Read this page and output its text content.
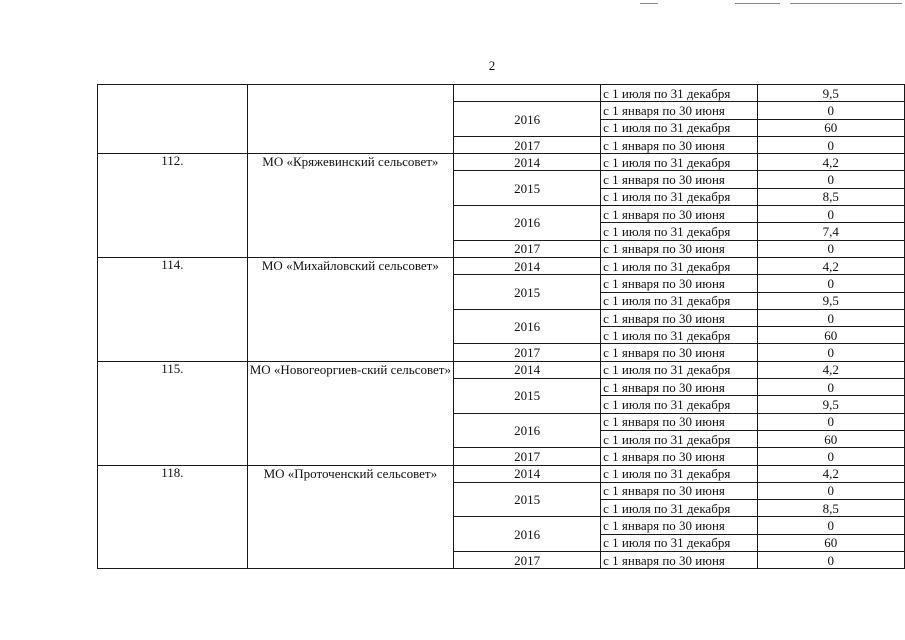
2
			с 1 июля по 31 декабря	9,5
		2016	с 1 января по 30 июня	0
			с 1 июля по 31 декабря	60
		2017	с 1 января по 30 июня	0
112.	МО «Кряжевинский сельсовет»	2014	с 1 июля по 31 декабря	4,2
		2015	с 1 января по 30 июня	0
			с 1 июля по 31 декабря	8,5
		2016	с 1 января по 30 июня	0
			с 1 июля по 31 декабря	7,4
		2017	с 1 января по 30 июня	0
114.	МО «Михайловский сельсовет»	2014	с 1 июля по 31 декабря	4,2
		2015	с 1 января по 30 июня	0
			с 1 июля по 31 декабря	9,5
		2016	с 1 января по 30 июня	0
			с 1 июля по 31 декабря	60
		2017	с 1 января по 30 июня	0
115.	МО «Новогеоргиев-ский сельсовет»	2014	с 1 июля по 31 декабря	4,2
		2015	с 1 января по 30 июня	0
			с 1 июля по 31 декабря	9,5
		2016	с 1 января по 30 июня	0
			с 1 июля по 31 декабря	60
		2017	с 1 января по 30 июня	0
118.	МО «Проточенский сельсовет»	2014	с 1 июля по 31 декабря	4,2
		2015	с 1 января по 30 июня	0
			с 1 июля по 31 декабря	8,5
		2016	с 1 января по 30 июня	0
			с 1 июля по 31 декабря	60
		2017	с 1 января по 30 июня	0
